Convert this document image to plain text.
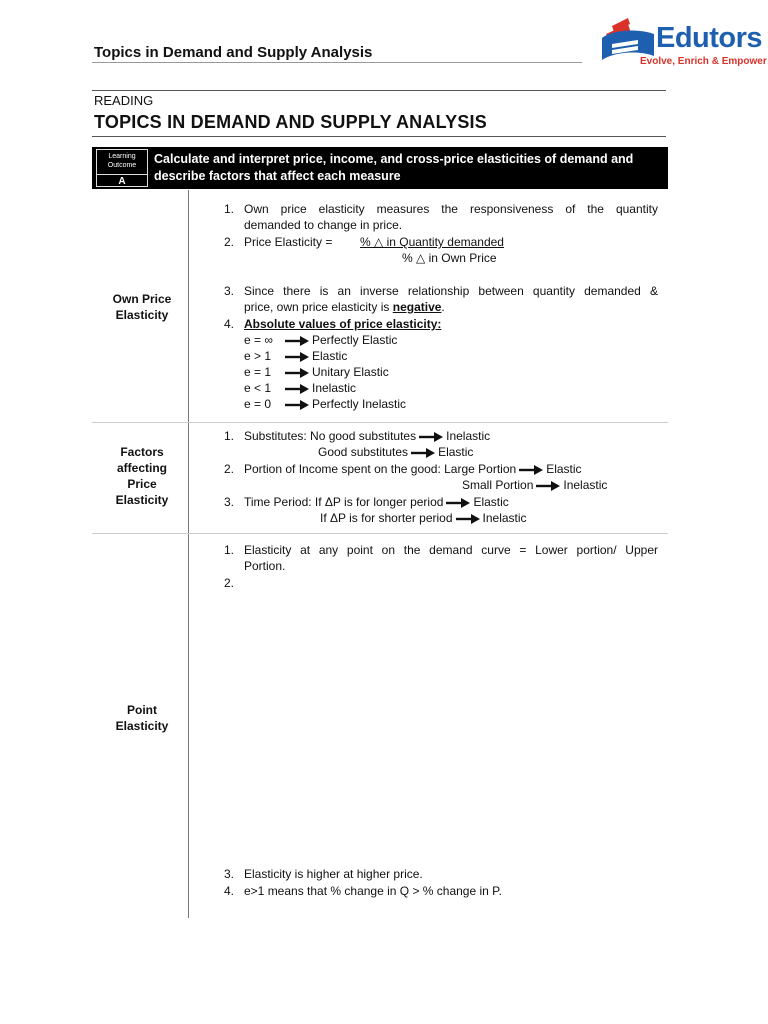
Topics in Demand and Supply Analysis	Edutors
Evolve, Enrich & Empower
READING
TOPICS IN DEMAND AND SUPPLY ANALYSIS
Learning
Outcome
A
Calculate and interpret price, income, and cross-price elasticities of demand and
describe factors that affect each measure
Own Price
Elasticity
1. Own price elasticity measures the responsiveness of the quantity
demanded to change in price.
2. Price Elasticity = % △ in Quantity demanded
% △ in Own Price
3. Since there is an inverse relationship between quantity demanded &
price, own price elasticity is negative.
4. Absolute values of price elasticity:
e = ∞	Perfectly Elastic
e > 1	Elastic
e = 1	Unitary Elastic
e < 1	Inelastic
e = 0	Perfectly Inelastic
Factors
affecting
Price
Elasticity
1. Substitutes: No good substitutes	Inelastic
Good substitutes	Elastic
2. Portion of Income spent on the good: Large Portion	Elastic
Small Portion	Inelastic
3. Time Period: If ΔP is for longer period	Elastic
If ΔP is for shorter period	Inelastic
Point
Elasticity
1. Elasticity at any point on the demand curve = Lower portion/ Upper
Portion.
2.
3. Elasticity is higher at higher price.
4. e>1 means that % change in Q > % change in P.
